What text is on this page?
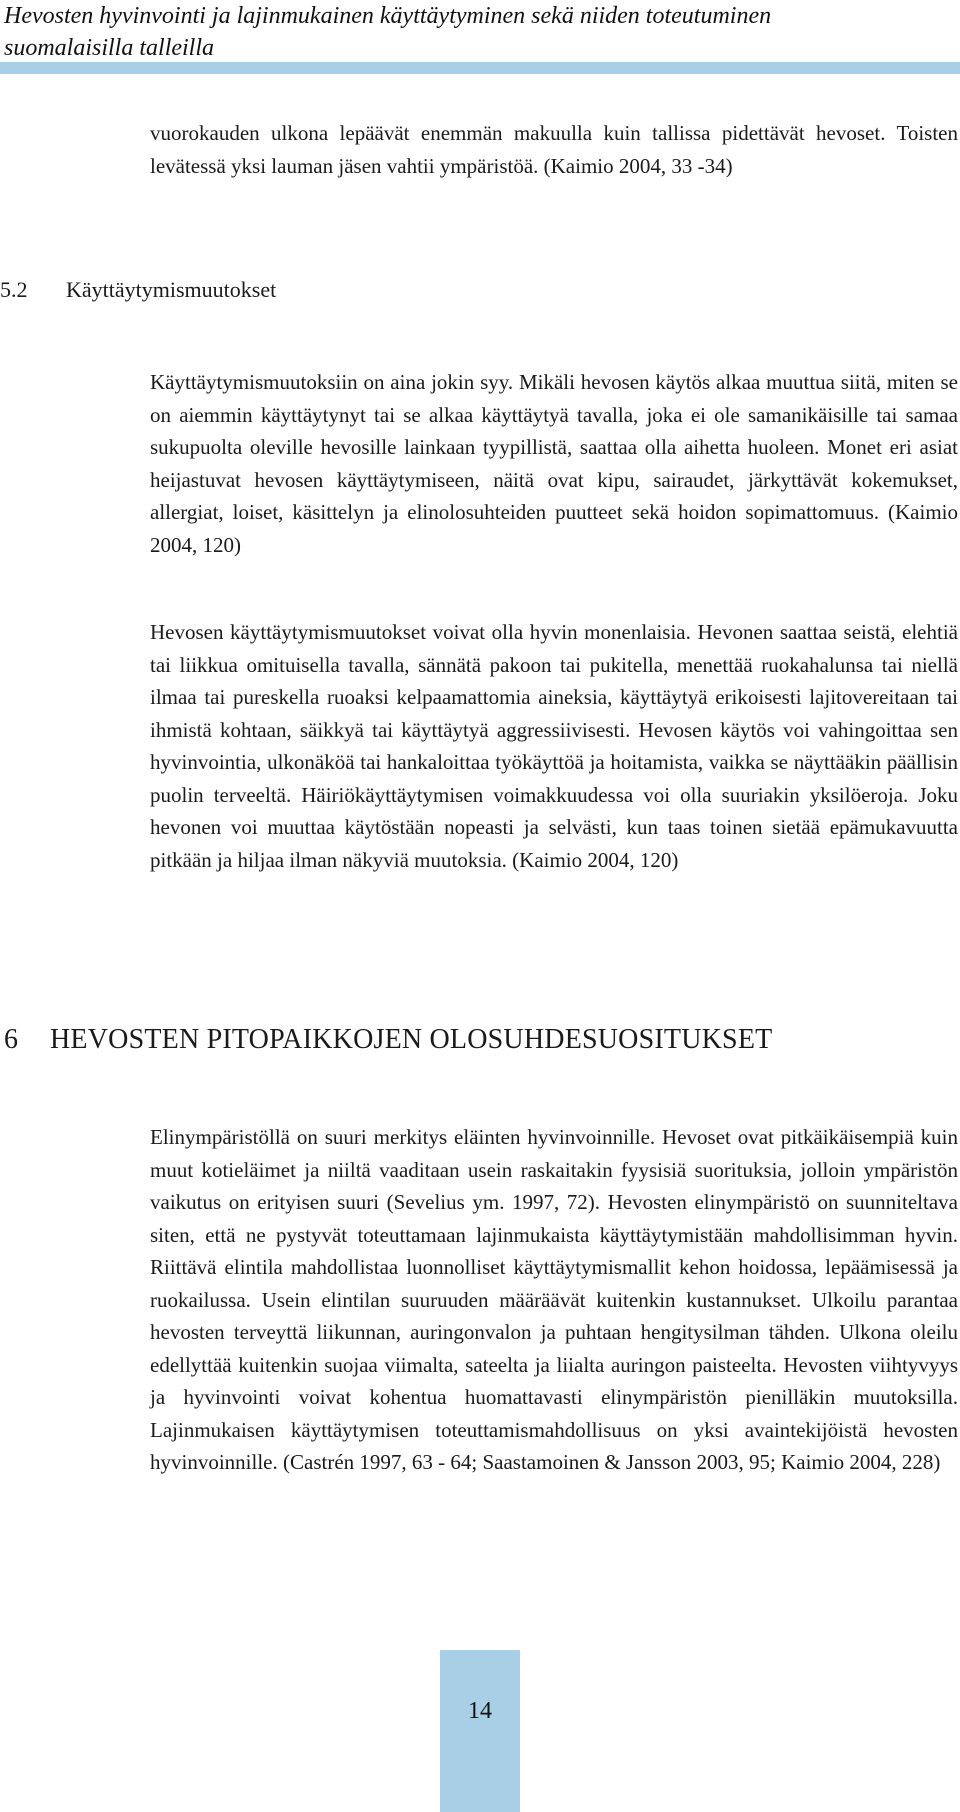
Hevosten hyvinvointi ja lajinmukainen käyttäytyminen sekä niiden toteutuminen
suomalaisilla talleilla

vuorokauden ulkona lepäävät enemmän makuulla kuin tallissa pidettävät hevoset. Toisten levätessä yksi lauman jäsen vahtii ympäristöä. (Kaimio 2004, 33 -34)

5.2 Käyttäytymismuutokset

Käyttäytymismuutoksiin on aina jokin syy. Mikäli hevosen käytös alkaa muuttua siitä, miten se on aiemmin käyttäytynyt tai se alkaa käyttäytyä tavalla, joka ei ole samanikäisille tai samaa sukupuolta oleville hevosille lainkaan tyypillistä, saattaa olla aihetta huoleen. Monet eri asiat heijastuvat hevosen käyttäytymiseen, näitä ovat kipu, sairaudet, järkyttävät kokemukset, allergiat, loiset, käsittelyn ja elinolosuhteiden puutteet sekä hoidon sopimattomuus. (Kaimio 2004, 120)

Hevosen käyttäytymismuutokset voivat olla hyvin monenlaisia. Hevonen saattaa seistä, elehtiä tai liikkua omituisella tavalla, sännätä pakoon tai pukitella, menettää ruokahalunsa tai niellä ilmaa tai pureskella ruoaksi kelpaamattomia aineksia, käyttäytyä erikoisesti lajitovereitaan tai ihmistä kohtaan, säikkyä tai käyttäytyä aggressiivisesti. Hevosen käytös voi vahingoittaa sen hyvinvointia, ulkonäköä tai hankaloittaa työkäyttöä ja hoitamista, vaikka se näyttääkin päällisin puolin terveeltä. Häiriökäyttäytymisen voimakkuudessa voi olla suuriakin yksilöeroja. Joku hevonen voi muuttaa käytöstään nopeasti ja selvästi, kun taas toinen sietää epämukavuutta pitkään ja hiljaa ilman näkyviä muutoksia. (Kaimio 2004, 120)

6 HEVOSTEN PITOPAIKKOJEN OLOSUHDESUOSITUKSET

Elinympäristöllä on suuri merkitys eläinten hyvinvoinnille. Hevoset ovat pitkäikäisempiä kuin muut kotieläimet ja niiltä vaaditaan usein raskaitakin fyysisiä suorituksia, jolloin ympäristön vaikutus on erityisen suuri (Sevelius ym. 1997, 72). Hevosten elinympäristö on suunniteltava siten, että ne pystyvät toteuttamaan lajinmukaista käyttäytymistään mahdollisimman hyvin. Riittävä elintila mahdollistaa luonnolliset käyttäytymismallit kehon hoidossa, lepäämisessä ja ruokailussa. Usein elintilan suuruuden määräävät kuitenkin kustannukset. Ulkoilu parantaa hevosten terveyttä liikunnan, auringonvalon ja puhtaan hengitysilman tähden. Ulkona oleilu edellyttää kuitenkin suojaa viimalta, sateelta ja liialta auringon paisteelta. Hevosten viihtyvyys ja hyvinvointi voivat kohentua huomattavasti elinympäristön pienilläkin muutoksilla. Lajinmukaisen käyttäytymisen toteuttamismahdollisuus on yksi avaintekijöistä hevosten hyvinvoinnille. (Castrén 1997, 63 - 64; Saastamoinen & Jansson 2003, 95; Kaimio 2004, 228)

14
